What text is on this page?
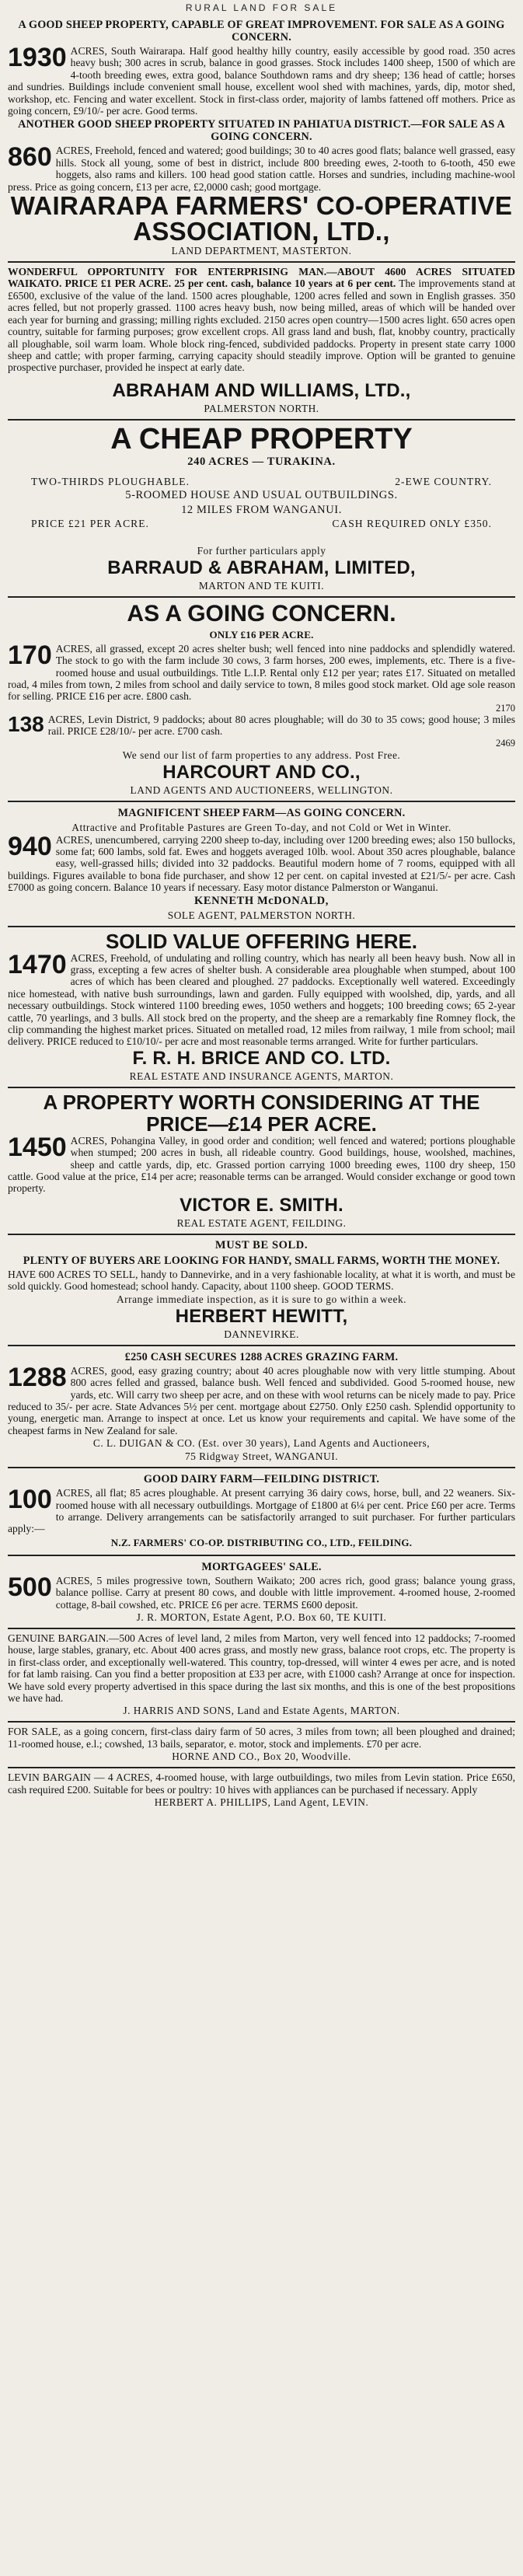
RURAL LAND FOR SALE
A GOOD SHEEP PROPERTY, CAPABLE OF GREAT IMPROVEMENT. FOR SALE AS A GOING CONCERN.

1930 ACRES, South Wairarapa. Half good healthy hilly country, easily accessible by good road. 350 acres heavy bush; 300 acres in scrub, balance in good grasses. Stock includes 1400 sheep, 1500 of which are 4-tooth breeding ewes, extra good, balance Southdown rams and dry sheep; 136 head of cattle; horses and sundries. Buildings include convenient small house, excellent wool shed with machines, yards, dip, motor shed, workshop, etc. Fencing and water excellent. Stock in first-class order, majority of lambs fattened off mothers. Price as going concern, £9/10/- per acre. Good terms.

ANOTHER GOOD SHEEP PROPERTY SITUATED IN PAHIATUA DISTRICT.—FOR SALE AS A GOING CONCERN.

860 ACRES, Freehold, fenced and watered; good buildings; 30 to 40 acres good flats; balance well grassed, easy hills. Stock all young, some of best in district, include 800 breeding ewes, 2-tooth to 6-tooth, 450 ewe hoggets, also rams and killers. 100 head good station cattle. Horses and sundries, including machine-wool press. Price as going concern, £13 per acre, £2,0000 cash; good mortgage.

WAIRARAPA FARMERS' CO-OPERATIVE ASSOCIATION, LTD.,
LAND DEPARTMENT, MASTERTON.

WONDERFUL OPPORTUNITY FOR ENTERPRISING MAN.—ABOUT 4600 ACRES SITUATED WAIKATO. PRICE £1 PER ACRE. 25 per cent. cash, balance 10 years at 6 per cent. The improvements stand at £6500, exclusive of the value of the land. 1500 acres ploughable, 1200 acres felled and sown in English grasses. 350 acres felled, but not properly grassed. 1100 acres heavy bush, now being milled, areas of which will be handed over each year for burning and grassing; milling rights excluded. 2150 acres open country—1500 acres light. 650 acres open country, suitable for farming purposes; grow excellent crops. All grass land and bush, flat, knobby country, practically all ploughable, soil warm loam. Whole block ring-fenced, subdivided paddocks. Property in present state carry 1000 sheep and cattle; with proper farming, carrying capacity should steadily improve. Option will be granted to genuine prospective purchaser, provided he inspect at early date.

ABRAHAM AND WILLIAMS, LTD.,
PALMERSTON NORTH.
A CHEAP PROPERTY
240 ACRES — TURAKINA.
TWO-THIRDS PLOUGHABLE.	2-EWE COUNTRY.
5-ROOMED HOUSE AND USUAL OUTBUILDINGS.
12 MILES FROM WANGANUI.
PRICE £21 PER ACRE.	CASH REQUIRED ONLY £350.
For further particulars apply
BARRAUD & ABRAHAM, LIMITED,
MARTON AND TE KUITI.
AS A GOING CONCERN.
ONLY £16 PER ACRE.

170 ACRES, all grassed, except 20 acres shelter bush; well fenced into nine paddocks and splendidly watered. The stock to go with the farm include 30 cows, 3 farm horses, 200 ewes, implements, etc. There is a five-roomed house and usual outbuildings. Title L.I.P. Rental only £12 per year; rates £17. Situated on metalled road, 4 miles from town, 2 miles from school and daily service to town, 8 miles good stock market. Old age sole reason for selling. PRICE £16 per acre. £800 cash.

2170

138 ACRES, Levin District, 9 paddocks; about 80 acres ploughable; will do 30 to 35 cows; good house; 3 miles rail. PRICE £28/10/- per acre. £700 cash.

2469
We send our list of farm properties to any address. Post Free.
HARCOURT AND CO.,
LAND AGENTS AND AUCTIONEERS, WELLINGTON.
MAGNIFICENT SHEEP FARM—AS GOING CONCERN.
Attractive and Profitable Pastures are Green To-day, and not Cold or Wet in Winter.

940 ACRES, unencumbered, carrying 2200 sheep to-day, including over 1200 breeding ewes; also 150 bullocks, some fat; 600 lambs, sold fat. Ewes and hoggets averaged 10lb. wool. About 350 acres ploughable, balance easy, well-grassed hills; divided into 32 paddocks. Beautiful modern home of 7 rooms, equipped with all buildings. Figures available to bona fide purchaser, and show 12 per cent. on capital invested at £21/5/- per acre. Cash £7000 as going concern. Balance 10 years if necessary. Easy motor distance Palmerston or Wanganui.

KENNETH McDONALD,
SOLE AGENT, PALMERSTON NORTH.
SOLID VALUE OFFERING HERE.

1470 ACRES, Freehold, of undulating and rolling country, which has nearly all been heavy bush. Now all in grass, excepting a few acres of shelter bush. A considerable area ploughable when stumped, about 100 acres of which has been cleared and ploughed. 27 paddocks. Exceptionally well watered. Exceedingly nice homestead, with native bush surroundings, lawn and garden. Fully equipped with woolshed, dip, yards, and all necessary outbuildings. Stock wintered 1100 breeding ewes, 1050 wethers and hoggets; 100 breeding cows; 65 2-year cattle, 70 yearlings, and 3 bulls. All stock bred on the property, and the sheep are a remarkably fine Romney flock, the clip commanding the highest market prices. Situated on metalled road, 12 miles from railway, 1 mile from school; mail delivery. PRICE reduced to £10/10/- per acre and most reasonable terms arranged. Write for further particulars.

F. R. H. BRICE AND CO. LTD.
REAL ESTATE AND INSURANCE AGENTS, MARTON.
A PROPERTY WORTH CONSIDERING AT THE
PRICE—£14 PER ACRE.

1450 ACRES, Pohangina Valley, in good order and condition; well fenced and watered; portions ploughable when stumped; 200 acres in bush, all rideable country. Good buildings, house, woolshed, machines, sheep and cattle yards, dip, etc. Grassed portion carrying 1000 breeding ewes, 1100 dry sheep, 150 cattle. Good value at the price, £14 per acre; reasonable terms can be arranged. Would consider exchange or good town property.

VICTOR E. SMITH.
REAL ESTATE AGENT, FEILDING.
MUST BE SOLD.
PLENTY OF BUYERS ARE LOOKING FOR HANDY, SMALL FARMS, WORTH THE MONEY.

HAVE 600 ACRES TO SELL, handy to Dannevirke, and in a very fashionable locality, at what it is worth, and must be sold quickly. Good homestead; school handy. Capacity, about 1100 sheep. GOOD TERMS.

Arrange immediate inspection, as it is sure to go within a week.
HERBERT HEWITT,
DANNEVIRKE.
£250 CASH SECURES 1288 ACRES GRAZING FARM.

1288 ACRES, good, easy grazing country; about 40 acres ploughable now with very little stumping. About 800 acres felled and grassed, balance bush. Well fenced and subdivided. Good 5-roomed house, new yards, etc. Will carry two sheep per acre, and on these with wool returns can be nicely made to pay. Price reduced to 35/- per acre. State Advances 5½ per cent. mortgage about £2750. Only £250 cash. Splendid opportunity to young, energetic man. Arrange to inspect at once. Let us know your requirements and capital. We have some of the cheapest farms in New Zealand for sale.

C. L. DUIGAN & CO. (Est. over 30 years), Land Agents and Auctioneers,
75 Ridgway Street, WANGANUI.
GOOD DAIRY FARM—FEILDING DISTRICT.

100 ACRES, all flat; 85 acres ploughable. At present carrying 36 dairy cows, horse, bull, and 22 weaners. Six-roomed house with all necessary outbuildings. Mortgage of £1800 at 6¼ per cent. Price £60 per acre. Terms to arrange. Delivery arrangements can be satisfactorily arranged to suit purchaser. For further particulars apply:—

N.Z. FARMERS' CO-OP. DISTRIBUTING CO., LTD., FEILDING.
MORTGAGEES' SALE.

500 ACRES, 5 miles progressive town, Southern Waikato; 200 acres rich, good grass; balance young grass, balance pollise. Carry at present 80 cows, and double with little improvement. 4-roomed house, 2-roomed cottage, 8-bail cowshed, etc. PRICE £6 per acre. TERMS £600 deposit.

J. R. MORTON, Estate Agent, P.O. Box 60, TE KUITI.

GENUINE BARGAIN.—500 Acres of level land, 2 miles from Marton, very well fenced into 12 paddocks; 7-roomed house, large stables, granary, etc. About 400 acres grass, and mostly new grass, balance root crops, etc. The property is in first-class order, and exceptionally well-watered. This country, top-dressed, will winter 4 ewes per acre, and is noted for fat lamb raising. Can you find a better proposition at £33 per acre, with £1000 cash? Arrange at once for inspection. We have sold every property advertised in this space during the last six months, and this is one of the best propositions we have had.

J. HARRIS AND SONS, Land and Estate Agents, MARTON.

FOR SALE, as a going concern, first-class dairy farm of 50 acres, 3 miles from town; all been ploughed and drained; 11-roomed house, e.l.; cowshed, 13 bails, separator, e. motor, stock and implements. £70 per acre.

HORNE AND CO., Box 20, Woodville.

LEVIN BARGAIN — 4 ACRES, 4-roomed house, with large outbuildings, two miles from Levin station. Price £650, cash required £200. Suitable for bees or poultry: 10 hives with appliances can be purchased if necessary. Apply

HERBERT A. PHILLIPS, Land Agent, LEVIN.
